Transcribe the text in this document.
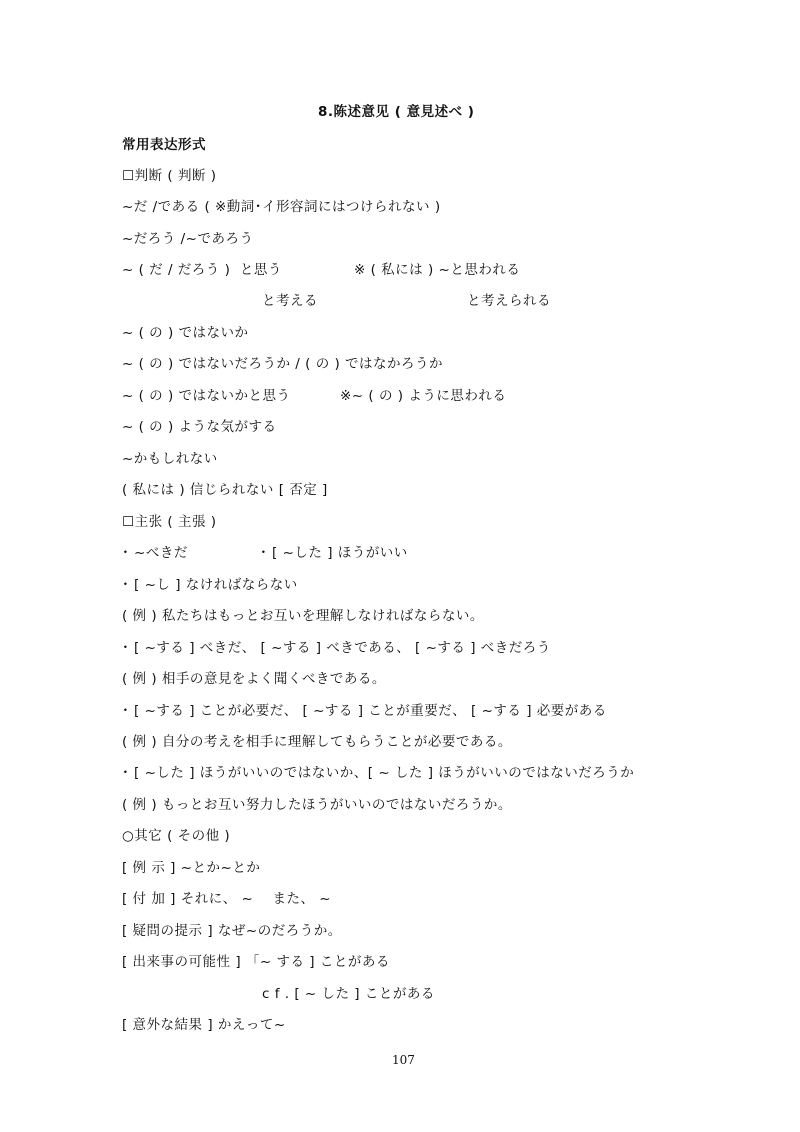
8.陈述意见 ( 意見述べ )
常用表达形式
☐判断 ( 判断 )
~だ /である ( ※動詞･イ形容詞にはつけられない )
~だろう /~であろう
~ ( だ / だろう )  と思う	※ ( 私には ) ~と思われる
と考える	と考えられる
~ ( の ) ではないか
~ ( の ) ではないだろうか / ( の ) ではなかろうか
~ ( の ) ではないかと思う	※~ ( の ) ように思われる
~ ( の ) ような気がする
~かもしれない
( 私には ) 信じられない [ 否定 ]
☐主张 ( 主張 )
･ ~べきだ	･ [ ~した ] ほうがいい
･ [ ~し ] なければならない
( 例 ) 私たちはもっとお互いを理解しなければならない。
･ [ ~する ] べきだ、 [ ~する ] べきである、 [ ~する ] べきだろう
( 例 ) 相手の意見をよく聞くべきである。
･ [ ~する ] ことが必要だ、 [ ~する ] ことが重要だ、 [ ~する ] 必要がある
( 例 ) 自分の考えを相手に理解してもらうことが必要である。
･ [ ~した ] ほうがいいのではないか、[ ~ した ] ほうがいいのではないだろうか
( 例 ) もっとお互い努力したほうがいいのではないだろうか。
○其它 ( その他 )
[ 例 示 ] ~とか~とか
[ 付 加 ] それに、 ~    また、 ~
[ 疑問の提示 ] なぜ~のだろうか。
[ 出来事の可能性 ] 「~ する ] ことがある
c f . [ ~ した ] ことがある
[ 意外な結果 ] かえって~
107
